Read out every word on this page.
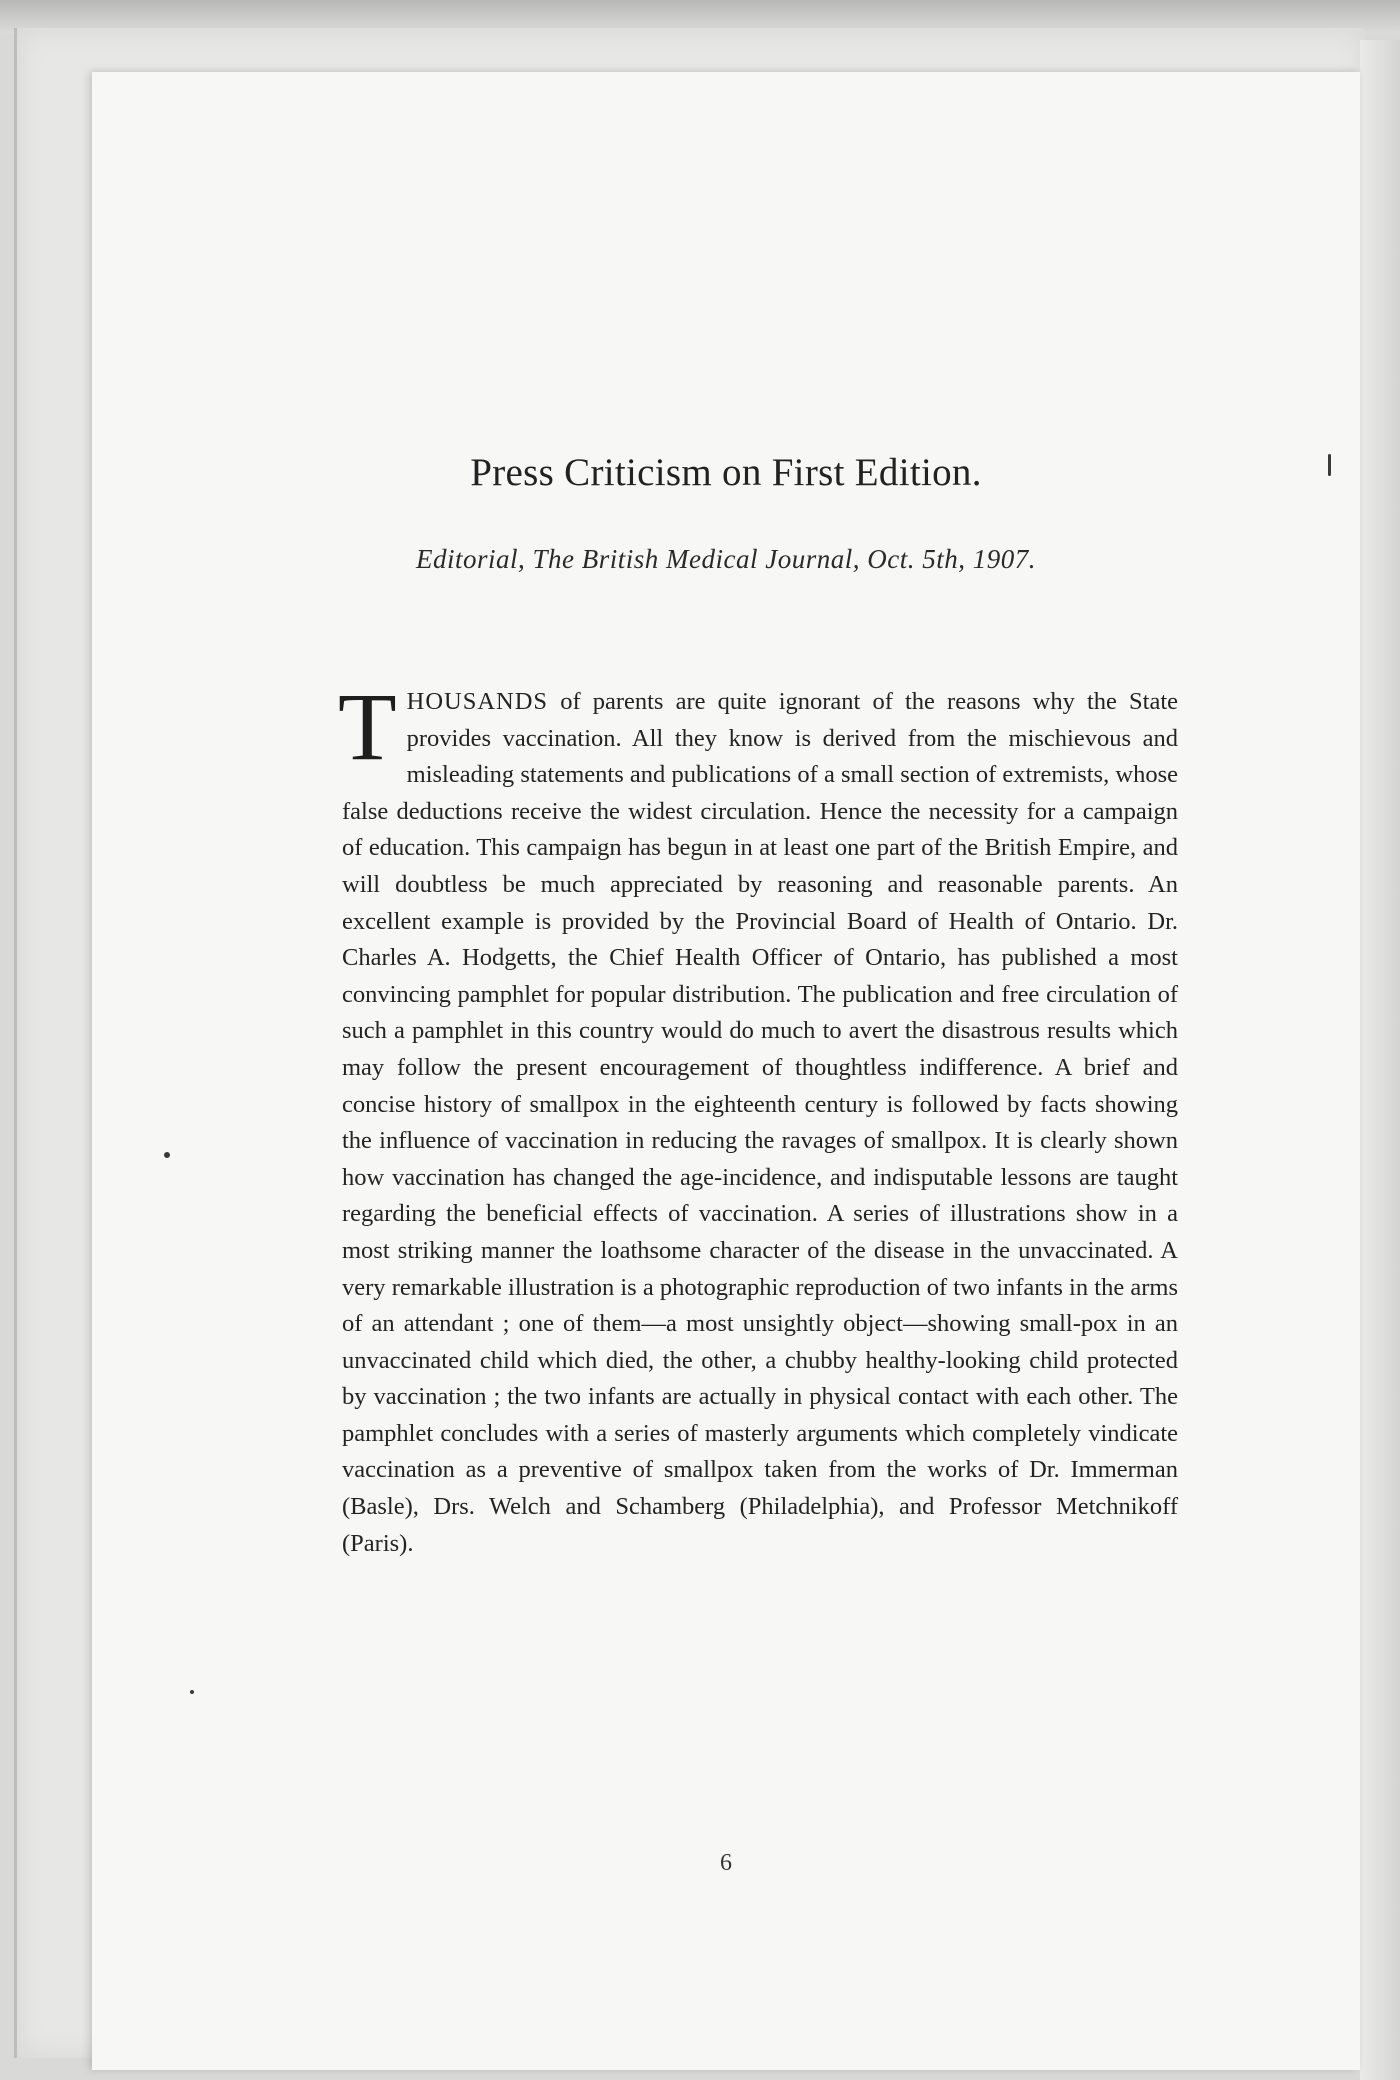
Press Criticism on First Edition.
Editorial, The British Medical Journal, Oct. 5th, 1907.

T HOUSANDS of parents are quite ignorant of the reasons why the State provides vaccination. All they know is derived from the mischievous and misleading statements and publications of a small section of extremists, whose false deductions receive the widest circulation. Hence the necessity for a campaign of education. This campaign has begun in at least one part of the British Empire, and will doubtless be much appreciated by reasoning and reasonable parents. An excellent example is provided by the Provincial Board of Health of Ontario. Dr. Charles A. Hodgetts, the Chief Health Officer of Ontario, has published a most convincing pamphlet for popular distribution. The publication and free circulation of such a pamphlet in this country would do much to avert the disastrous results which may follow the present encouragement of thoughtless indifference. A brief and concise history of smallpox in the eighteenth century is followed by facts showing the influence of vaccination in reducing the ravages of smallpox. It is clearly shown how vaccination has changed the age-incidence, and indisputable lessons are taught regarding the beneficial effects of vaccination. A series of illustrations show in a most striking manner the loathsome character of the disease in the unvaccinated. A very remarkable illustration is a photographic reproduction of two infants in the arms of an attendant ; one of them—a most unsightly object—showing small-pox in an unvaccinated child which died, the other, a chubby healthy-looking child protected by vaccination ; the two infants are actually in physical contact with each other. The pamphlet concludes with a series of masterly arguments which completely vindicate vaccination as a preventive of smallpox taken from the works of Dr. Immerman (Basle), Drs. Welch and Schamberg (Philadelphia), and Professor Metchnikoff (Paris).

6
